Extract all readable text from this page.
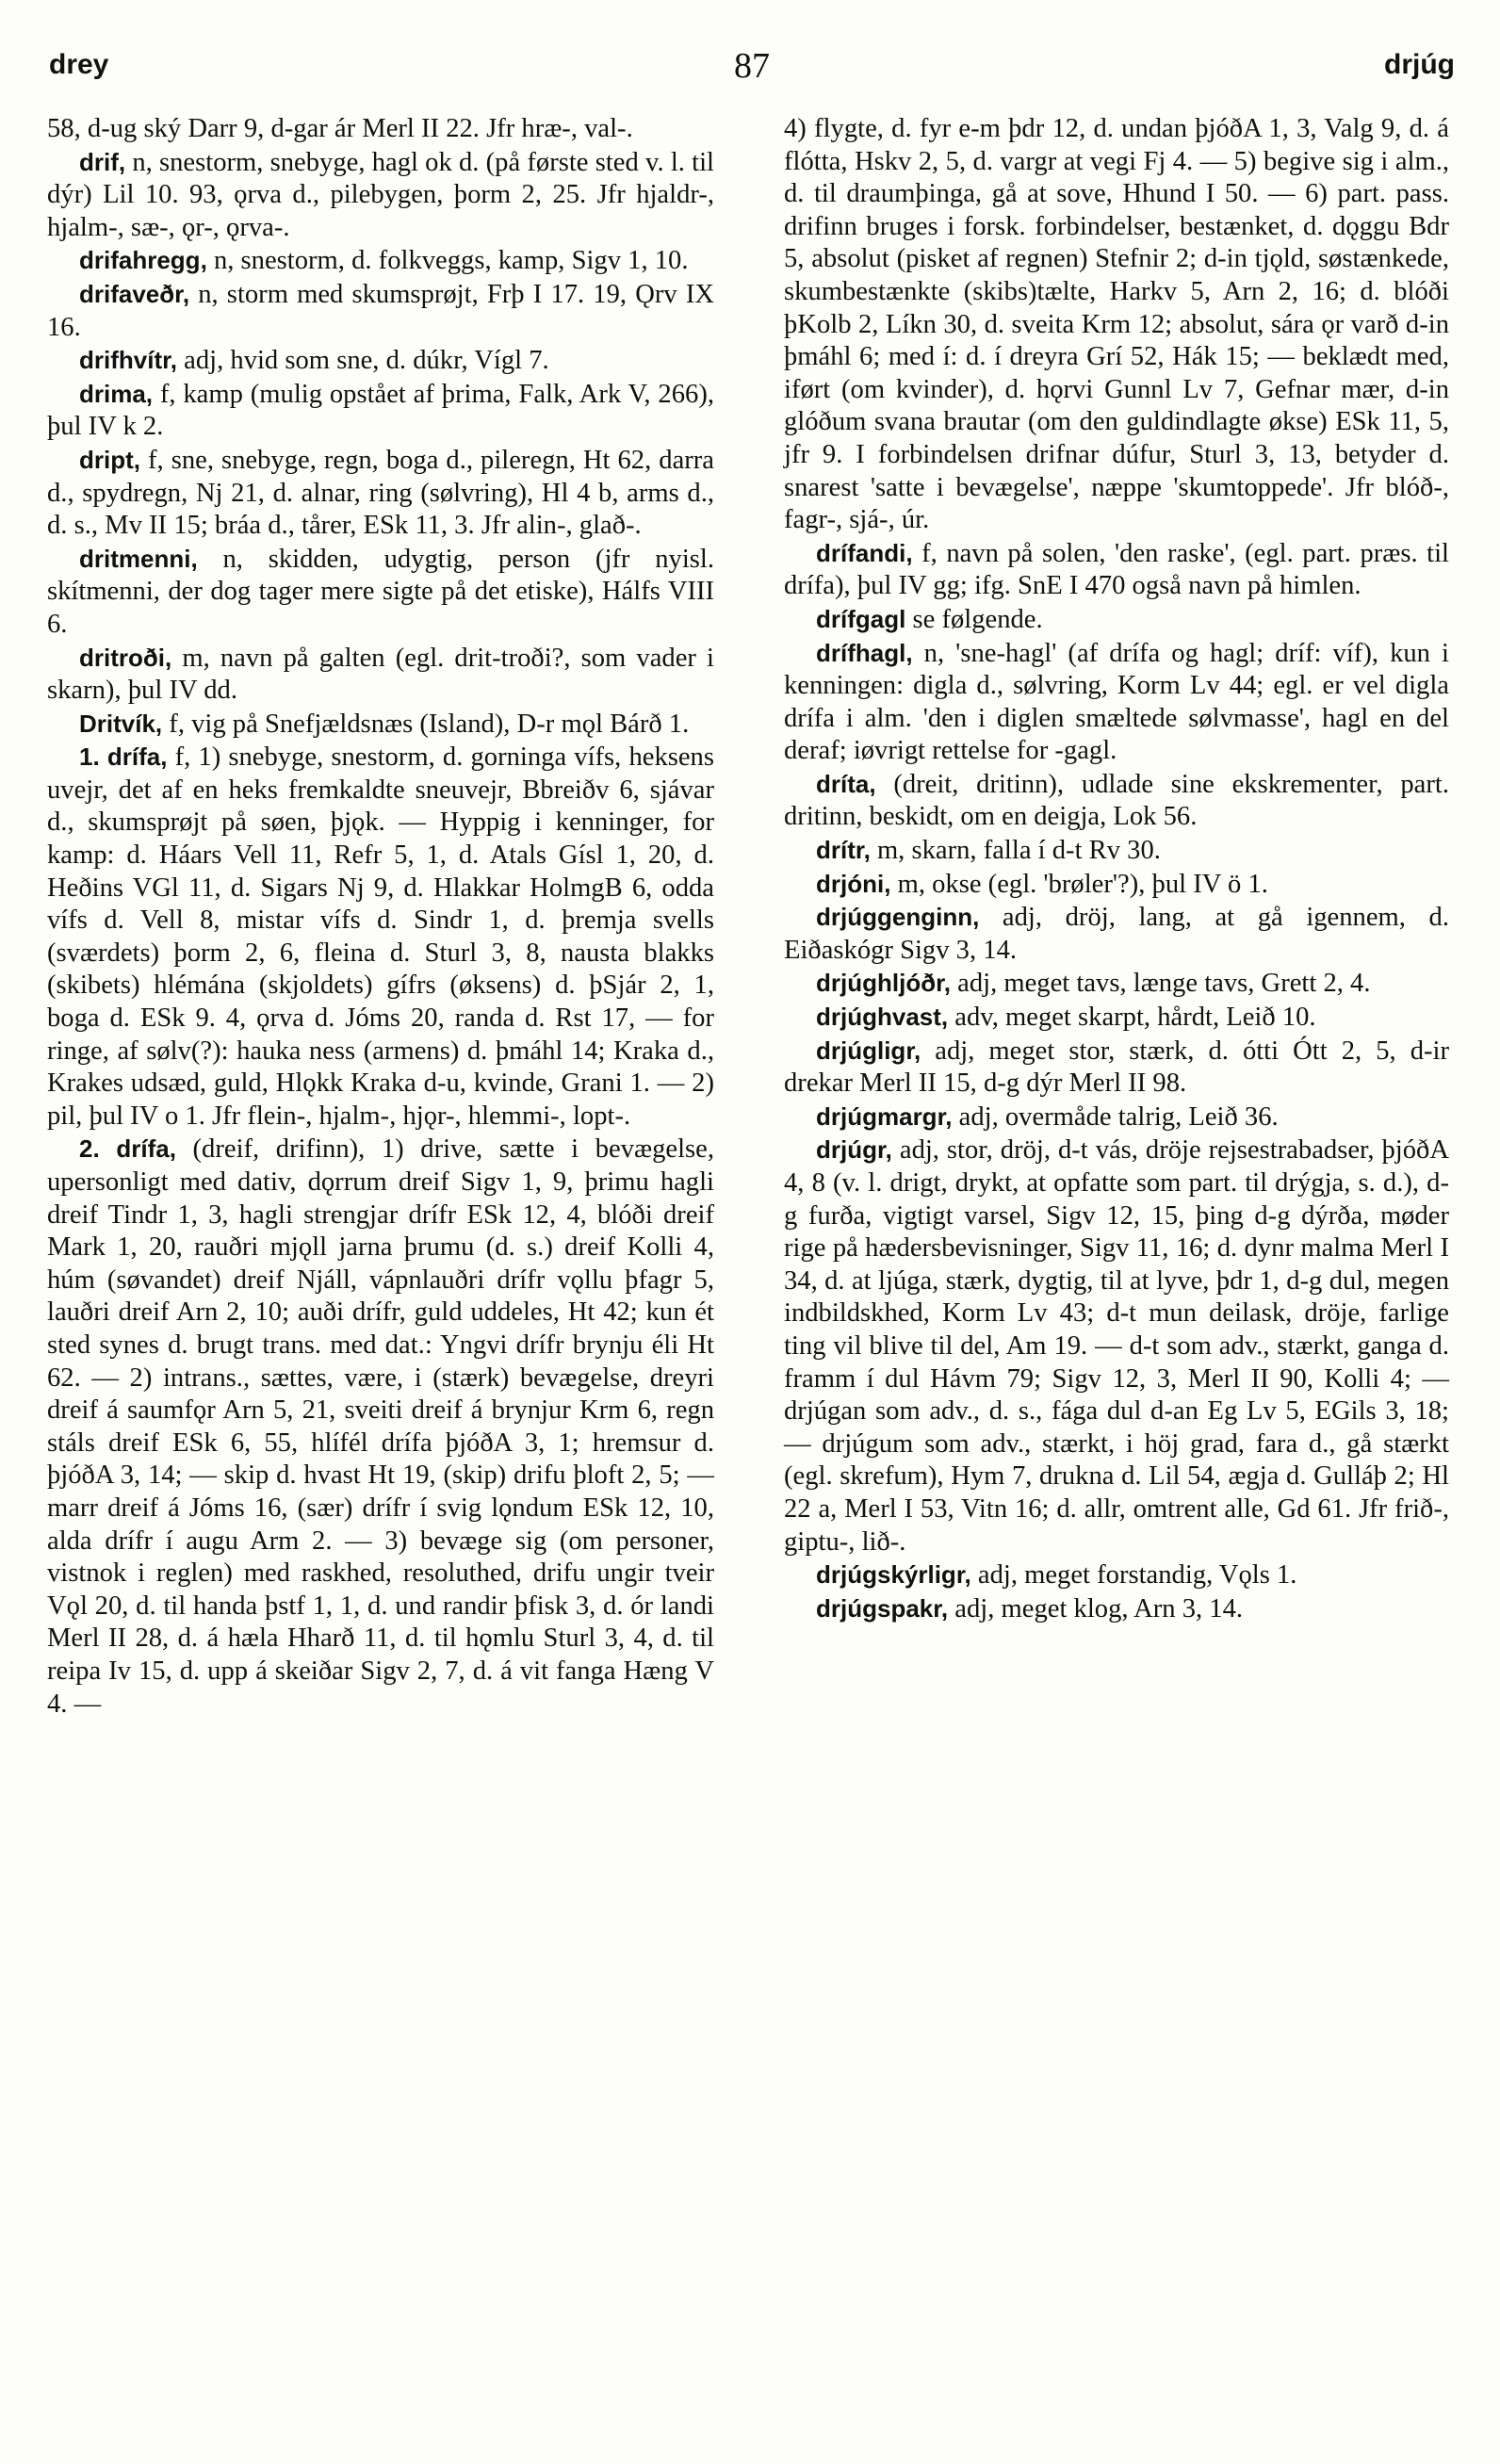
drey	87	drjúg

58, d-ug ský Darr 9, d-gar ár Merl II 22. Jfr hræ-, val-.

drif, n, snestorm, snebyge, hagl ok d. (på første sted v. l. til dýr) Lil 10. 93, ǫrva d., pilebygen, þorm 2, 25. Jfr hjaldr-, hjalm-, sæ-, ǫr-, ǫrva-.

drifahregg, n, snestorm, d. folkveggs, kamp, Sigv 1, 10.

drifaveðr, n, storm med skumsprøjt, Frþ I 17. 19, Ǫrv IX 16.

drifhvítr, adj, hvid som sne, d. dúkr, Vígl 7.

drima, f, kamp (mulig opstået af þrima, Falk, Ark V, 266), þul IV k 2.

dript, f, sne, snebyge, regn, boga d., pileregn, Ht 62, darra d., spydregn, Nj 21, d. alnar, ring (sølvring), Hl 4 b, arms d., d. s., Mv II 15; bráa d., tårer, ESk 11, 3. Jfr alin-, glað-.

dritmenni, n, skidden, udygtig, person (jfr nyisl. skítmenni, der dog tager mere sigte på det etiske), Hálfs VIII 6.

dritroði, m, navn på galten (egl. drit-troði?, som vader i skarn), þul IV dd.

Dritvík, f, vig på Snefjældsnæs (Island), D-r mǫl Bárð 1.

1. drífa, f, 1) snebyge, snestorm, d. gorninga vífs, heksens uvejr, det af en heks fremkaldte sneuvejr, Bbreiðv 6, sjávar d., skumsprøjt på søen, þjǫk. — Hyppig i kenninger, for kamp: d. Háars Vell 11, Refr 5, 1, d. Atals Gísl 1, 20, d. Heðins VGl 11, d. Sigars Nj 9, d. Hlakkar HolmgB 6, odda vífs d. Vell 8, mistar vífs d. Sindr 1, d. þremja svells (sværdets) þorm 2, 6, fleina d. Sturl 3, 8, nausta blakks (skibets) hlémána (skjoldets) gífrs (øksens) d. þSjár 2, 1, boga d. ESk 9. 4, ǫrva d. Jóms 20, randa d. Rst 17, — for ringe, af sølv(?): hauka ness (armens) d. þmáhl 14; Kraka d., Krakes udsæd, guld, Hlǫkk Kraka d-u, kvinde, Grani 1. — 2) pil, þul IV o 1. Jfr flein-, hjalm-, hjǫr-, hlemmi-, lopt-.

2. drífa, (dreif, drifinn), 1) drive, sætte i bevægelse, upersonligt med dativ, dǫrrum dreif Sigv 1, 9, þrimu hagli dreif Tindr 1, 3, hagli strengjar drífr ESk 12, 4, blóði dreif Mark 1, 20, rauðri mjǫll jarna þrumu (d. s.) dreif Kolli 4, húm (søvandet) dreif Njáll, vápnlauðri drífr vǫllu þfagr 5, lauðri dreif Arn 2, 10; auði drífr, guld uddeles, Ht 42; kun ét sted synes d. brugt trans. med dat.: Yngvi drífr brynju éli Ht 62. — 2) intrans., sættes, være, i (stærk) bevægelse, dreyri dreif á saumfǫr Arn 5, 21, sveiti dreif á brynjur Krm 6, regn stáls dreif ESk 6, 55, hlífél drífa þjóðA 3, 1; hremsur d. þjóðA 3, 14; — skip d. hvast Ht 19, (skip) drifu þloft 2, 5; — marr dreif á Jóms 16, (sær) drífr í svig lǫndum ESk 12, 10, alda drífr í augu Arm 2. — 3) bevæge sig (om personer, vistnok i reglen) med raskhed, resoluthed, drifu ungir tveir Vǫl 20, d. til handa þstf 1, 1, d. und randir þfisk 3, d. ór landi Merl II 28, d. á hæla Hharð 11, d. til hǫmlu Sturl 3, 4, d. til reipa Iv 15, d. upp á skeiðar Sigv 2, 7, d. á vit fanga Hæng V 4. —

4) flygte, d. fyr e-m þdr 12, d. undan þjóðA 1, 3, Valg 9, d. á flótta, Hskv 2, 5, d. vargr at vegi Fj 4. — 5) begive sig i alm., d. til draumþinga, gå at sove, Hhund I 50. — 6) part. pass. drifinn bruges i forsk. forbindelser, bestænket, d. dǫggu Bdr 5, absolut (pisket af regnen) Stefnir 2; d-in tjǫld, søstænkede, skumbestænkte (skibs)tælte, Harkv 5, Arn 2, 16; d. blóði þKolb 2, Líkn 30, d. sveita Krm 12; absolut, sára ǫr varð d-in þmáhl 6; med í: d. í dreyra Grí 52, Hák 15; — beklædt med, iført (om kvinder), d. hǫrvi Gunnl Lv 7, Gefnar mær, d-in glóðum svana brautar (om den guldindlagte økse) ESk 11, 5, jfr 9. I forbindelsen drifnar dúfur, Sturl 3, 13, betyder d. snarest 'satte i bevægelse', næppe 'skumtoppede'. Jfr blóð-, fagr-, sjá-, úr.

drífandi, f, navn på solen, 'den raske', (egl. part. præs. til drífa), þul IV gg; ifg. SnE I 470 også navn på himlen.

drífgagl se følgende.

drífhagl, n, 'sne-hagl' (af drífa og hagl; dríf: víf), kun i kenningen: digla d., sølvring, Korm Lv 44; egl. er vel digla drífa i alm. 'den i diglen smæltede sølvmasse', hagl en del deraf; iøvrigt rettelse for -gagl.

dríta, (dreit, dritinn), udlade sine ekskrementer, part. dritinn, beskidt, om en deigja, Lok 56.

drítr, m, skarn, falla í d-t Rv 30.

drjóni, m, okse (egl. 'brøler'?), þul IV ö 1.

drjúggenginn, adj, dröj, lang, at gå igennem, d. Eiðaskógr Sigv 3, 14.

drjúghljóðr, adj, meget tavs, længe tavs, Grett 2, 4.

drjúghvast, adv, meget skarpt, hårdt, Leið 10.

drjúgligr, adj, meget stor, stærk, d. ótti Ótt 2, 5, d-ir drekar Merl II 15, d-g dýr Merl II 98.

drjúgmargr, adj, overmåde talrig, Leið 36.

drjúgr, adj, stor, dröj, d-t vás, dröje rejsestrabadser, þjóðA 4, 8 (v. l. drigt, drykt, at opfatte som part. til drýgja, s. d.), d-g furða, vigtigt varsel, Sigv 12, 15, þing d-g dýrða, møder rige på hædersbevisninger, Sigv 11, 16; d. dynr malma Merl I 34, d. at ljúga, stærk, dygtig, til at lyve, þdr 1, d-g dul, megen indbildskhed, Korm Lv 43; d-t mun deilask, dröje, farlige ting vil blive til del, Am 19. — d-t som adv., stærkt, ganga d. framm í dul Hávm 79; Sigv 12, 3, Merl II 90, Kolli 4; — drjúgan som adv., d. s., fága dul d-an Eg Lv 5, EGils 3, 18; — drjúgum som adv., stærkt, i höj grad, fara d., gå stærkt (egl. skrefum), Hym 7, drukna d. Lil 54, ægja d. Gulláþ 2; Hl 22 a, Merl I 53, Vitn 16; d. allr, omtrent alle, Gd 61. Jfr frið-, giptu-, lið-.

drjúgskýrligr, adj, meget forstandig, Vǫls 1.

drjúgspakr, adj, meget klog, Arn 3, 14.
